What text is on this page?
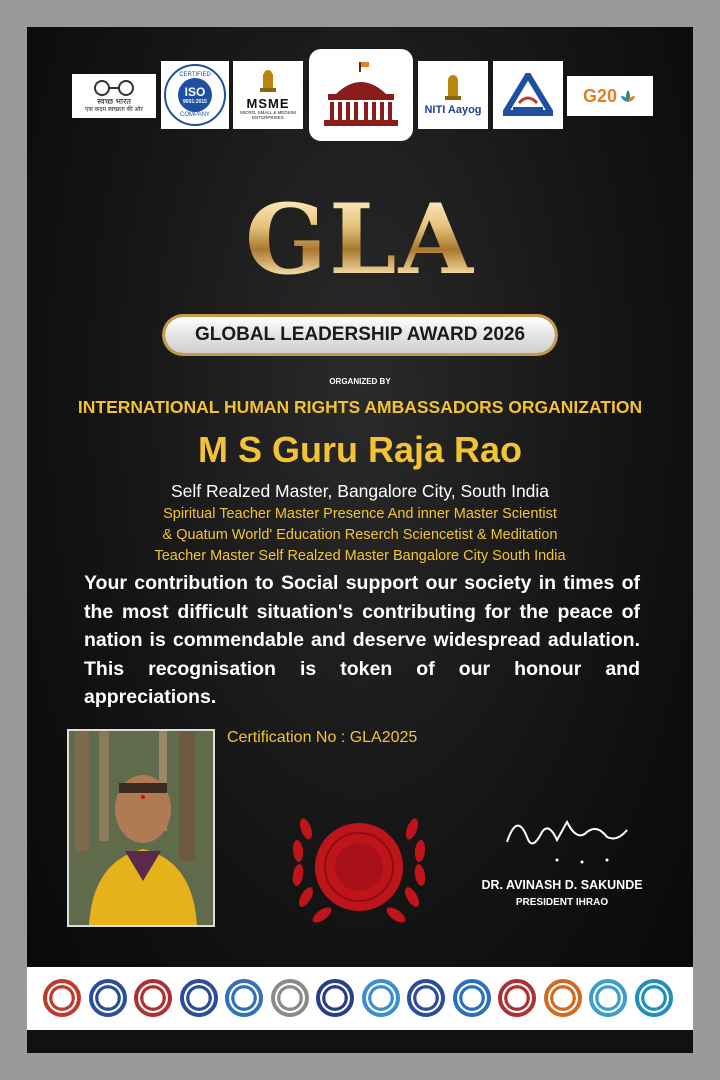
स्वच्छ भारत
एक कदम स्वच्छता की ओर
CERTIFIED
ISO
9001:2015
COMPANY
MSME
MICRO, SMALL & MEDIUM ENTERPRISES
NITI Aayog
G20
GLA
GLOBAL LEADERSHIP AWARD 2026
ORGANIZED BY
INTERNATIONAL HUMAN RIGHTS AMBASSADORS ORGANIZATION
M S Guru Raja Rao
Self Realzed Master, Bangalore City, South India
Spiritual Teacher Master Presence And inner Master Scientist
& Quatum World' Education Reserch Sciencetist & Meditation
Teacher Master Self Realzed Master Bangalore City South India
Your contribution to Social support our society in times of the most difficult situation's contributing for the peace of nation is commendable and deserve widespread adulation. This recognisation is token of our honour and appreciations.
Certification No : GLA2025
DR. AVINASH D. SAKUNDE
PRESIDENT IHRAO
